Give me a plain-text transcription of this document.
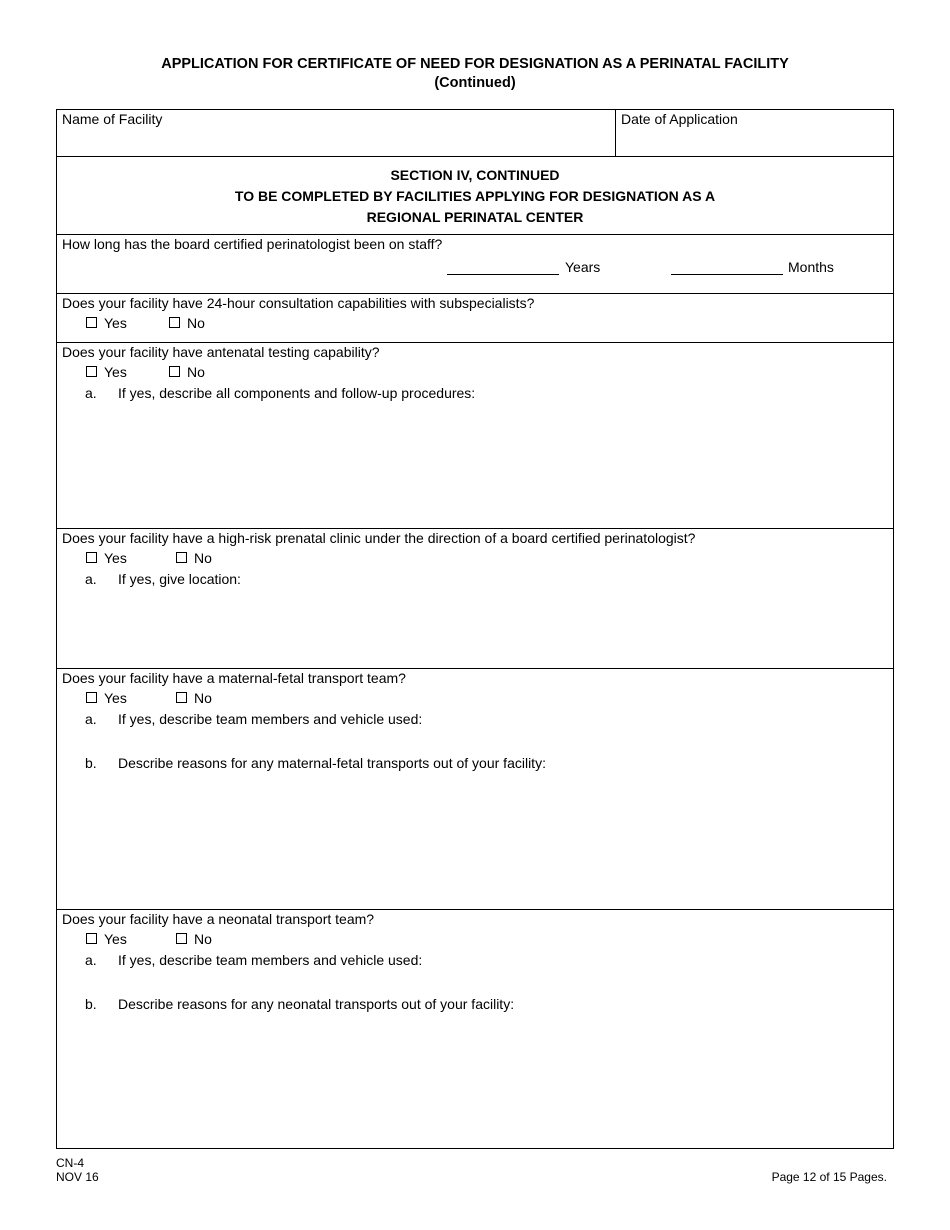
APPLICATION FOR CERTIFICATE OF NEED FOR DESIGNATION AS A PERINATAL FACILITY
(Continued)
Name of Facility	Date of Application
SECTION IV, CONTINUED
TO BE COMPLETED BY FACILITIES APPLYING FOR DESIGNATION AS A
REGIONAL PERINATAL CENTER
How long has the board certified perinatologist been on staff?
Years	Months
Does your facility have 24-hour consultation capabilities with subspecialists?
Yes	No
Does your facility have antenatal testing capability?
Yes	No
a. If yes, describe all components and follow-up procedures:
Does your facility have a high-risk prenatal clinic under the direction of a board certified perinatologist?
Yes	No
a. If yes, give location:
Does your facility have a maternal-fetal transport team?
Yes	No
a. If yes, describe team members and vehicle used:
b. Describe reasons for any maternal-fetal transports out of your facility:
Does your facility have a neonatal transport team?
Yes	No
a. If yes, describe team members and vehicle used:
b. Describe reasons for any neonatal transports out of your facility:
CN-4
NOV 16	Page 12 of 15 Pages.
